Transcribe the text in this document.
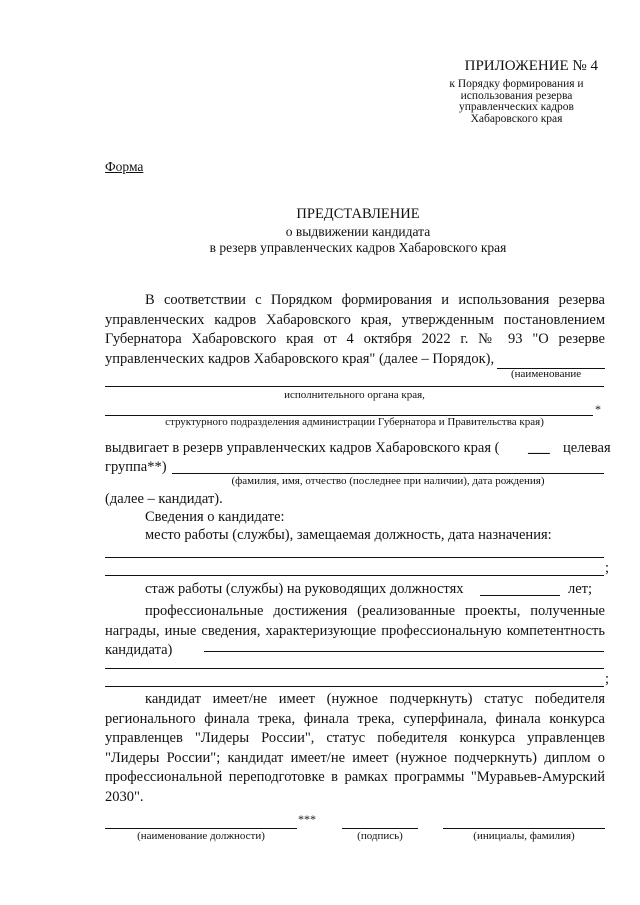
ПРИЛОЖЕНИЕ № 4
к Порядку формирования и использования резерва управленческих кадров Хабаровского края
Форма
ПРЕДСТАВЛЕНИЕ
о выдвижении кандидата
в резерв управленческих кадров Хабаровского края
В соответствии с Порядком формирования и использования резерва управленческих кадров Хабаровского края, утвержденным постановлением Губернатора Хабаровского края от 4 октября 2022 г. № 93 "О резерве управленческих кадров Хабаровского края" (далее – Порядок),
(наименование
исполнительного органа края,
*
структурного подразделения администрации Губернатора и Правительства края)
выдвигает в резерв управленческих кадров Хабаровского края ( ___ целевая
группа**)
(фамилия, имя, отчество (последнее при наличии), дата рождения)
(далее – кандидат).
Сведения о кандидате:
место работы (службы), замещаемая должность, дата назначения:
;
стаж работы (службы) на руководящих должностях	лет;
профессиональные достижения (реализованные проекты, полученные награды, иные сведения, характеризующие профессиональную компетентность кандидата)
;
кандидат имеет/не имеет (нужное подчеркнуть) статус победителя регионального финала трека, финала трека, суперфинала, финала конкурса управленцев "Лидеры России", статус победителя конкурса управленцев "Лидеры России"; кандидат имеет/не имеет (нужное подчеркнуть) диплом о профессиональной переподготовке в рамках программы "Муравьев-Амурский 2030".
***
(наименование должности)	(подпись)	(инициалы, фамилия)
